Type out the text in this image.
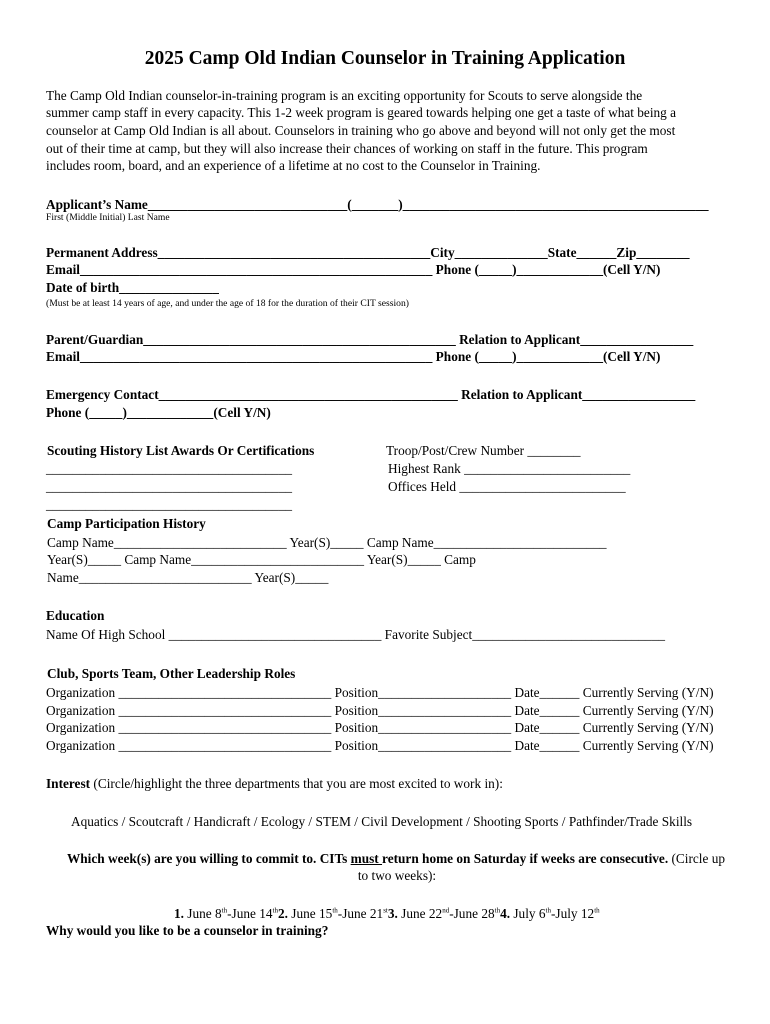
2025 Camp Old Indian Counselor in Training Application
The Camp Old Indian counselor-in-training program is an exciting opportunity for Scouts to serve alongside the
summer camp staff in every capacity. This 1-2 week program is geared towards helping one get a taste of what being a
counselor at Camp Old Indian is all about. Counselors in training who go above and beyond will not only get the most
out of their time at camp, but they will also increase their chances of working on staff in the future. This program
includes room, board, and an experience of a lifetime at no cost to the Counselor in Training.
Applicant’s Name______________________________(_______)______________________________________________
First (Middle Initial) Last Name
Permanent Address_________________________________________City______________State______Zip________
Email_____________________________________________________ Phone (_____)_____________(Cell Y/N)
Date of birth_______________
(Must be at least 14 years of age, and under the age of 18 for the duration of their CIT session)
Parent/Guardian_______________________________________________ Relation to Applicant_________________
Email_____________________________________________________ Phone (_____)_____________(Cell Y/N)
Emergency Contact_____________________________________________ Relation to Applicant_________________
Phone (_____)_____________(Cell Y/N)
Scouting History List Awards Or Certifications
_____________________________________
_____________________________________
_____________________________________
Troop/Post/Crew Number ________
Highest Rank _________________________
Offices Held _________________________
Camp Participation History
Camp Name__________________________ Year(S)_____ Camp Name__________________________
Year(S)_____ Camp Name__________________________ Year(S)_____ Camp
Name__________________________ Year(S)_____
Education
Name Of High School ________________________________ Favorite Subject_____________________________
Club, Sports Team, Other Leadership Roles
Organization ________________________________ Position____________________ Date______ Currently Serving (Y/N)
Organization ________________________________ Position____________________ Date______ Currently Serving (Y/N)
Organization ________________________________ Position____________________ Date______ Currently Serving (Y/N)
Organization ________________________________ Position____________________ Date______ Currently Serving (Y/N)
Interest (Circle/highlight the three departments that you are most excited to work in):
Aquatics / Scoutcraft / Handicraft / Ecology / STEM / Civil Development / Shooting Sports / Pathfinder/Trade Skills
Which week(s) are you willing to commit to. CITs must return home on Saturday if weeks are consecutive. (Circle up
to two weeks):
1. June 8th-June 14th2. June 15th-June 21st3. June 22nd-June 28th4. July 6th-July 12th
Why would you like to be a counselor in training?
